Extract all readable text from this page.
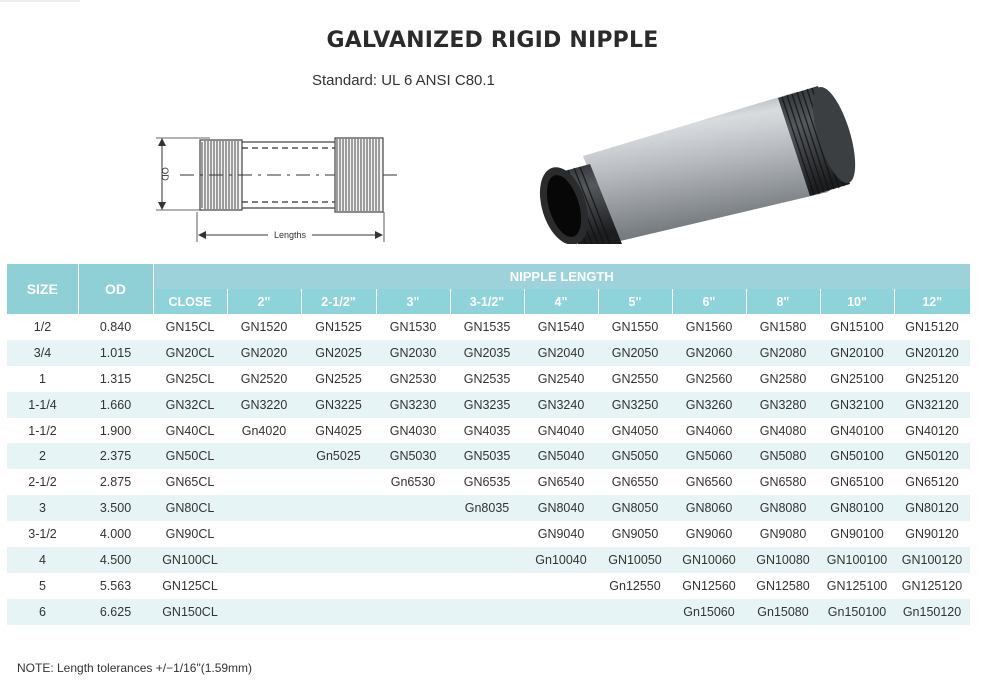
GALVANIZED RIGID NIPPLE
Standard: UL 6 ANSI C80.1
OD
Lengths
SIZE	OD	NIPPLE LENGTH										
		CLOSE	2"	2-1/2"	3"	3-1/2"	4"	5"	6"	8"	10"	12"
1/2	0.840	GN15CL	GN1520	GN1525	GN1530	GN1535	GN1540	GN1550	GN1560	GN1580	GN15100	GN15120
3/4	1.015	GN20CL	GN2020	GN2025	GN2030	GN2035	GN2040	GN2050	GN2060	GN2080	GN20100	GN20120
1	1.315	GN25CL	GN2520	GN2525	GN2530	GN2535	GN2540	GN2550	GN2560	GN2580	GN25100	GN25120
1-1/4	1.660	GN32CL	GN3220	GN3225	GN3230	GN3235	GN3240	GN3250	GN3260	GN3280	GN32100	GN32120
1-1/2	1.900	GN40CL	Gn4020	GN4025	GN4030	GN4035	GN4040	GN4050	GN4060	GN4080	GN40100	GN40120
2	2.375	GN50CL		Gn5025	GN5030	GN5035	GN5040	GN5050	GN5060	GN5080	GN50100	GN50120
2-1/2	2.875	GN65CL			Gn6530	GN6535	GN6540	GN6550	GN6560	GN6580	GN65100	GN65120
3	3.500	GN80CL				Gn8035	GN8040	GN8050	GN8060	GN8080	GN80100	GN80120
3-1/2	4.000	GN90CL					GN9040	GN9050	GN9060	GN9080	GN90100	GN90120
4	4.500	GN100CL					Gn10040	GN10050	GN10060	GN10080	GN100100	GN100120
5	5.563	GN125CL						Gn12550	GN12560	GN12580	GN125100	GN125120
6	6.625	GN150CL							Gn15060	Gn15080	Gn150100	Gn150120
NOTE: Length tolerances +/−1/16"(1.59mm)
